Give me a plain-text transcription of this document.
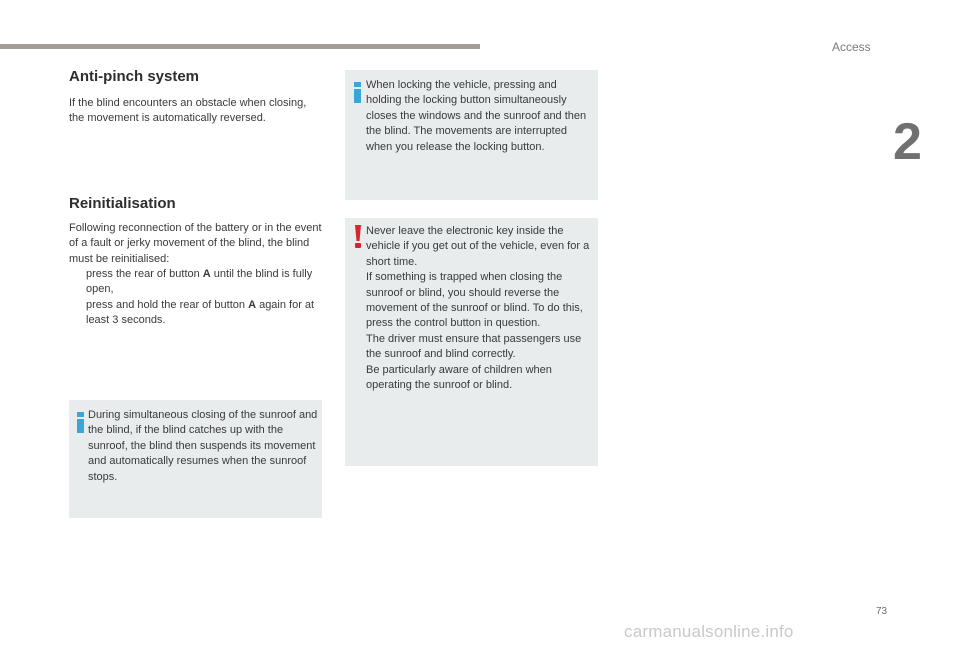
Access
2
Anti-pinch system

If the blind encounters an obstacle when closing, the movement is automatically reversed.

Reinitialisation

Following reconnection of the battery or in the event of a fault or jerky movement of the blind, the blind must be reinitialised:

press the rear of button A until the blind is fully open,
press and hold the rear of button A again for at least 3 seconds.
During simultaneous closing of the sunroof and the blind, if the blind catches up with the sunroof, the blind then suspends its movement and automatically resumes when the sunroof stops.
When locking the vehicle, pressing and holding the locking button simultaneously closes the windows and the sunroof and then the blind. The movements are interrupted when you release the locking button.
Never leave the electronic key inside the vehicle if you get out of the vehicle, even for a short time.
If something is trapped when closing the sunroof or blind, you should reverse the movement of the sunroof or blind. To do this, press the control button in question.
The driver must ensure that passengers use the sunroof and blind correctly.
Be particularly aware of children when operating the sunroof or blind.
73
carmanualsonline.info
